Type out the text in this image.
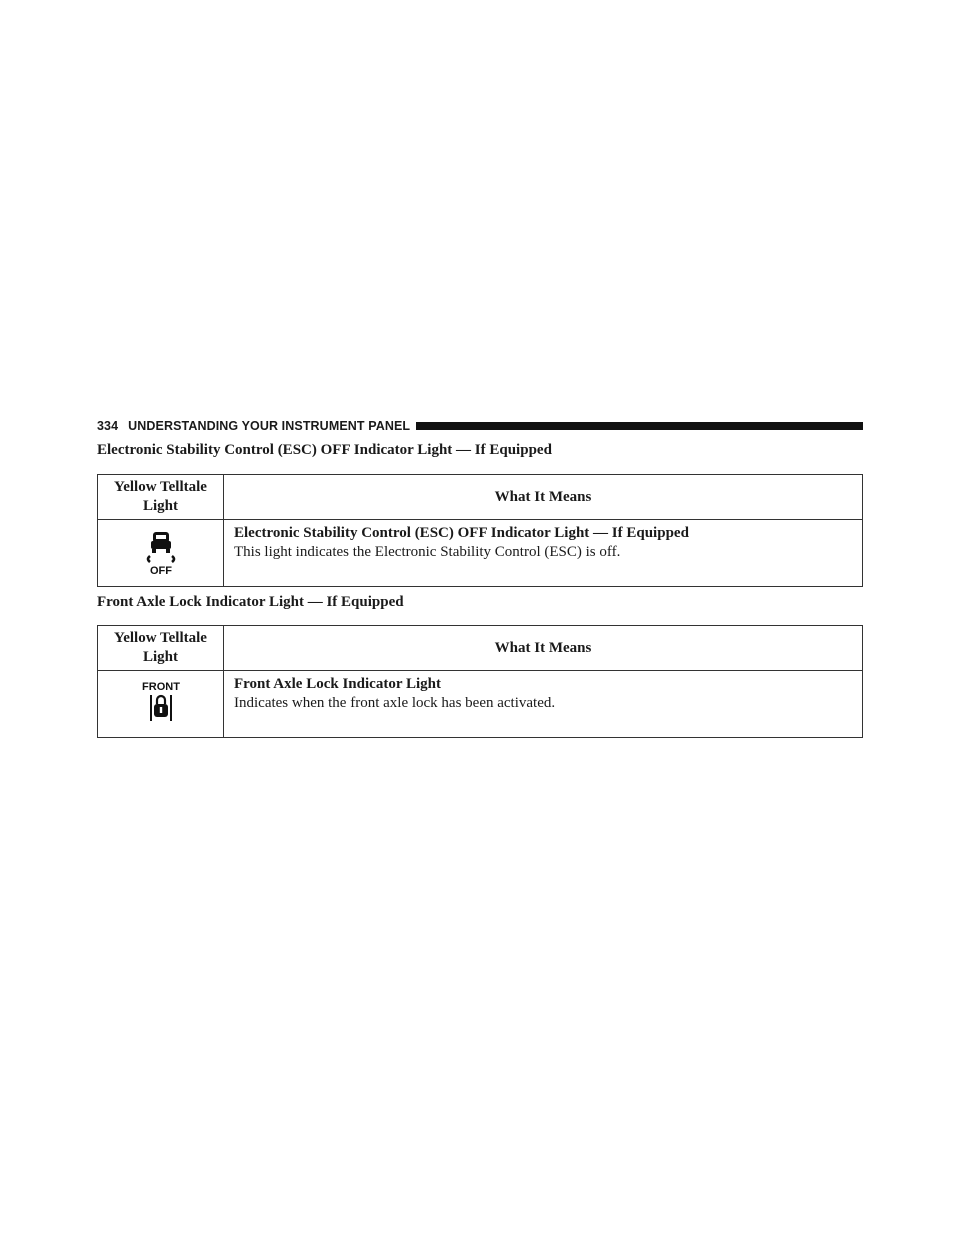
334 UNDERSTANDING YOUR INSTRUMENT PANEL
Electronic Stability Control (ESC) OFF Indicator Light — If Equipped
Yellow Telltale Light	What It Means

OFF	Electronic Stability Control (ESC) OFF Indicator Light — If Equipped
This light indicates the Electronic Stability Control (ESC) is off.
Front Axle Lock Indicator Light — If Equipped
Yellow Telltale Light	What It Means

FRONT	Front Axle Lock Indicator Light
Indicates when the front axle lock has been activated.
